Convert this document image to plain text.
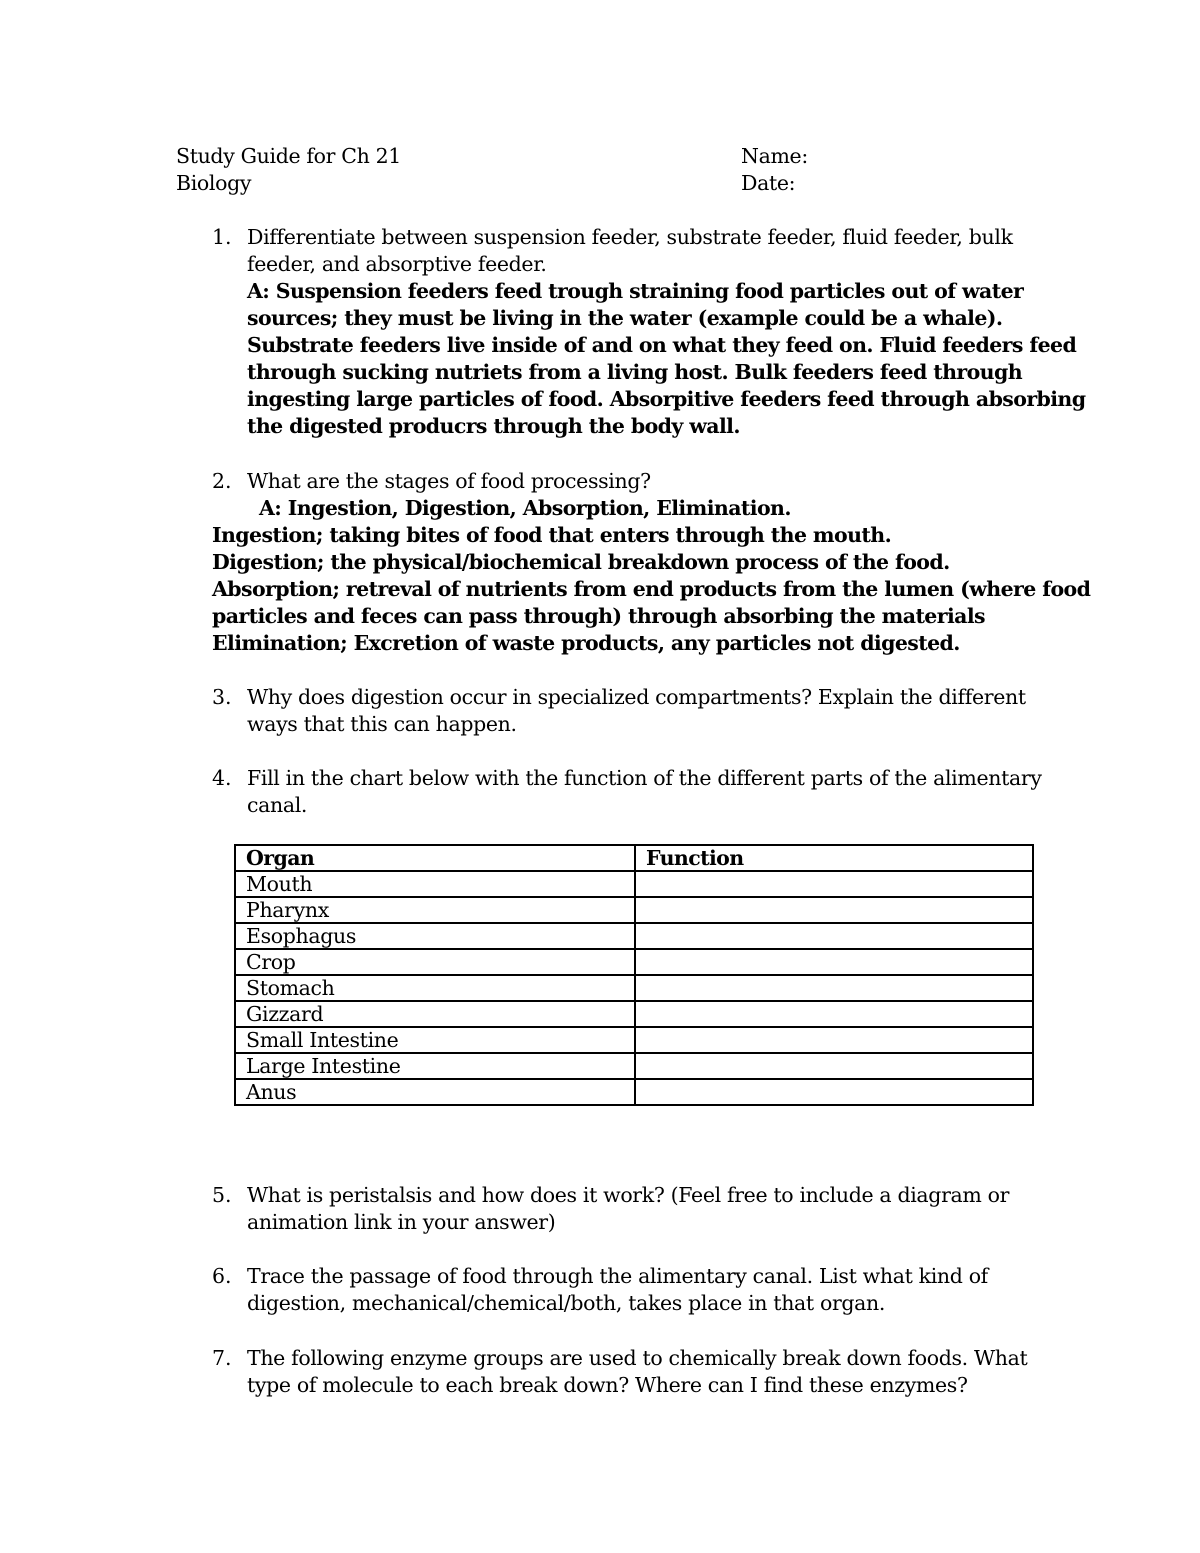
Study Guide for Ch 21
Biology
Name:
Date:
1. Differentiate between suspension feeder, substrate feeder, fluid feeder, bulk
feeder, and absorptive feeder.
A: Suspension feeders feed trough straining food particles out of water
sources; they must be living in the water (example could be a whale).
Substrate feeders live inside of and on what they feed on. Fluid feeders feed
through sucking nutriets from a living host. Bulk feeders feed through
ingesting large particles of food. Absorpitive feeders feed through absorbing
the digested producrs through the body wall.
2. What are the stages of food processing?
A: Ingestion, Digestion, Absorption, Elimination.
Ingestion; taking bites of food that enters through the mouth.
Digestion; the physical/biochemical breakdown process of the food.
Absorption; retreval of nutrients from end products from the lumen (where food
particles and feces can pass through) through absorbing the materials
Elimination; Excretion of waste products, any particles not digested.
3. Why does digestion occur in specialized compartments? Explain the different
ways that this can happen.
4. Fill in the chart below with the function of the different parts of the alimentary
canal.
Organ	Function
Mouth	
Pharynx	
Esophagus	
Crop	
Stomach	
Gizzard	
Small Intestine	
Large Intestine	
Anus	
5. What is peristalsis and how does it work? (Feel free to include a diagram or
animation link in your answer)
6. Trace the passage of food through the alimentary canal. List what kind of
digestion, mechanical/chemical/both, takes place in that organ.
7. The following enzyme groups are used to chemically break down foods. What
type of molecule to each break down? Where can I find these enzymes?
